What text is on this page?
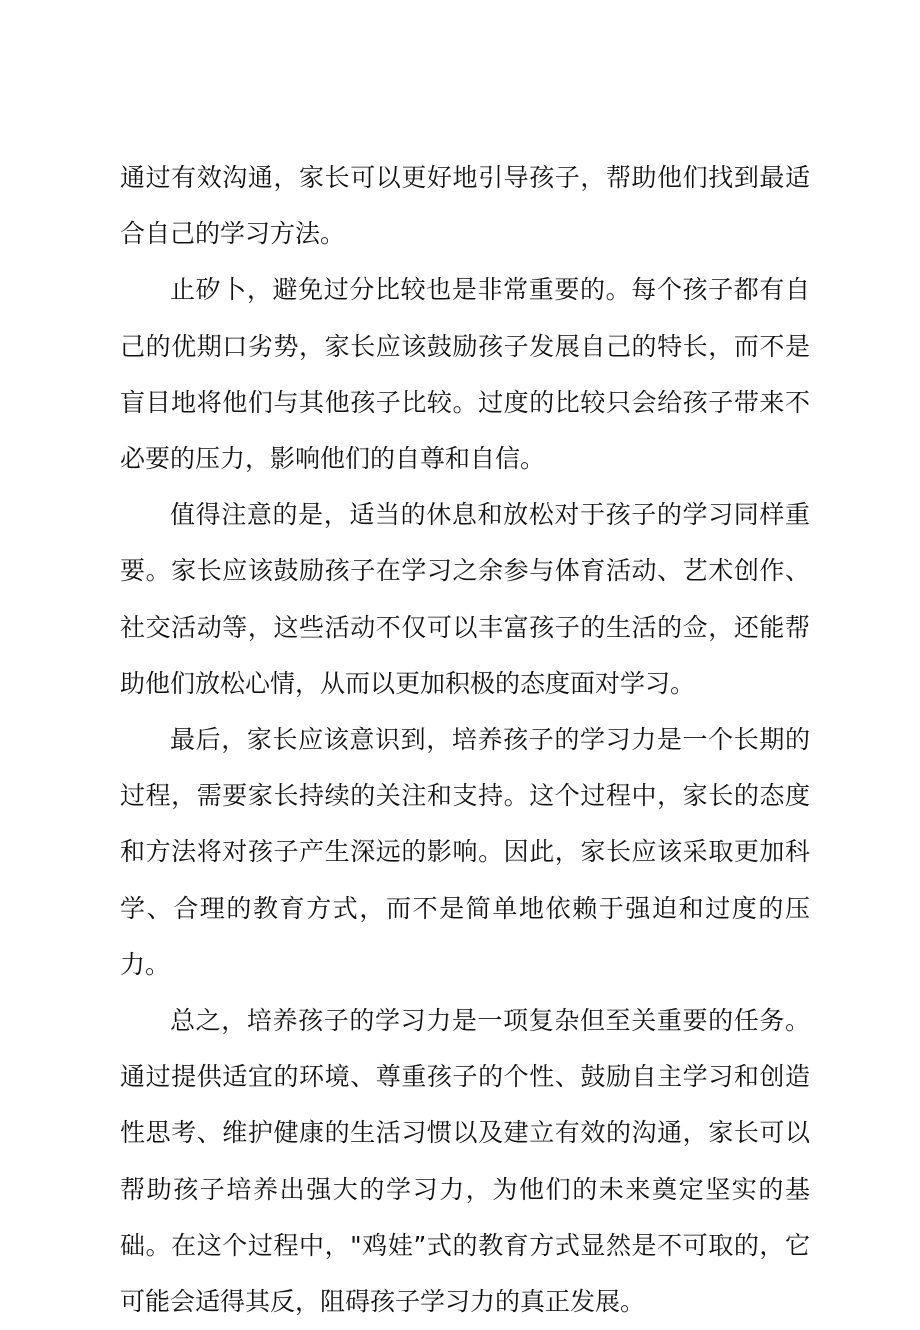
通过有效沟通，家长可以更好地引导孩子，帮助他们找到最适合自己的学习方法。

止矽卜，避免过分比较也是非常重要的。每个孩子都有自己的优期口劣势，家长应该鼓励孩子发展自己的特长，而不是盲目地将他们与其他孩子比较。过度的比较只会给孩子带来不必要的压力，影响他们的自尊和自信。

值得注意的是，适当的休息和放松对于孩子的学习同样重要。家长应该鼓励孩子在学习之余参与体育活动、艺术创作、社交活动等，这些活动不仅可以丰富孩子的生活的佥，还能帮助他们放松心情，从而以更加积极的态度面对学习。

最后，家长应该意识到，培养孩子的学习力是一个长期的过程，需要家长持续的关注和支持。这个过程中，家长的态度和方法将对孩子产生深远的影响。因此，家长应该采取更加科学、合理的教育方式，而不是简单地依赖于强迫和过度的压力。

总之，培养孩子的学习力是一项复杂但至关重要的任务。通过提供适宜的环境、尊重孩子的个性、鼓励自主学习和创造性思考、维护健康的生活习惯以及建立有效的沟通，家长可以帮助孩子培养出强大的学习力，为他们的未来奠定坚实的基础。在这个过程中，"鸡娃”式的教育方式显然是不可取的，它可能会适得其反，阻碍孩子学习力的真正发展。
